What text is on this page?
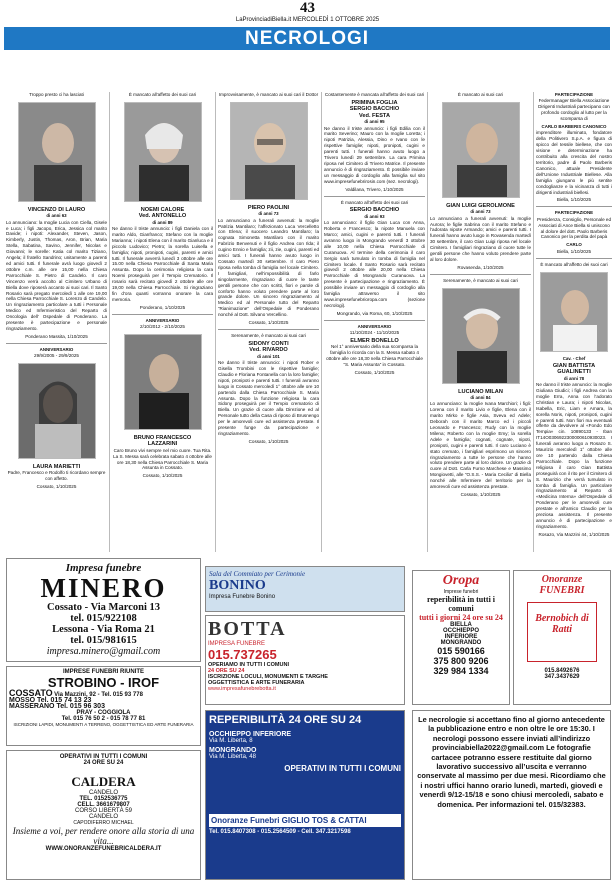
43
LaProvinciadiBiella.it MERCOLEDÌ 1 OTTOBRE 2025
NECROLOGI

Troppo presto ci ha lasciati

VINCENZO DI LAURO
di anni 63

Lo annunciano: la moglie Lucia con Ciella, Gisele e Luca; i figli Jacopo, Erica, Jessica col marito Davide; i nipoti: Alexander, Steven, Jason, Kimberly, Justin, Thomas, Aron, Brian, Maria Stella, Sabatina, Savino, Jennifer, Nicolas e Giovanni; le sorelle: Katia col marito Tiziano, Angela; il fratello Sandrino; unitamente a parenti ed amici tutti. Il funerale avrà luogo giovedì 2 ottobre c.m. alle ore 15,00 nella Chiesa Parrocchiale S. Pietro di Candelo. Il caro Vincenzo verrà accolto al Cimitero Urbano di Biella dove riposerà accanto ai suoi cari. Il Santo Rosario sarà pregato mercoledì 1 alle ore 19,00 nella Chiesa Parrocchiale S. Lorenzo di Candelo. Un ringraziamento particolare a tutti i Personale Medico ed Infermieristico del Reparto di Oncologia dell’ Ospedale di Ponderano. La presente è partecipazione e personale ringraziamento.

Ponderano Massita, 1/10/2025

ANNIVERSARIO

29/9/2005 - 29/9/2025

LAURA MARIETTI

Padre, Francesco e Rodolfo ti ricordano sempre con affetto.

Cossato, 1/10/2025

È mancato all’affetto dei suoi cari

NOEMI CALORE
Ved. ANTONELLO
di anni 89

Ne danno il triste annuncio: i figli Daniela con il marito Aldo, Gianfranco; Stefano con la moglie Marianna; i nipoti Elena con il marito Gianluca e il piccolo Ludovico; Pietro; la sorella Luisella e famiglia; nipoti, pronipoti, cugini, parenti e amici tutti. Il funerale avverrà lunedì 3 ottobre alle ore 15.00 nella Chiesa Parrocchiale di Santa Maria Assunta. Dopo la cerimonia religiosa la cara Noemi proseguirà per il Tempio Crematorio. Il rosario sarà recitato giovedì 2 ottobre alle ore 19,00 nella Chiesa Parrocchiale. Si ringraziano fin d’ora quanti vorranno onorare la cara memoria.

Ponderano, 1/10/2025

ANNIVERSARIO

2/10/2012 - 2/10/2025

BRUNO FRANCESCO
LAZZARINI

Caro Bruno vivi sempre nel mio cuore. Tua Rita. La S. Messa sarà celebrata sabato 4 ottobre alle ore 18,30 nella Chiesa Parrocchiale S. Maria Assunta in Cossato.

Cossato, 1/10/2025

Improvvisamente, è mancato ai suoi cari il Dottor

PIERO PAOLINI
di anni 73

Lo annunciano a funerali avvenuti: la moglie Patrizia Mantilaro; l’affezionato Luca Vercelletto con Elena; il suocero Leandro Mantilaro; la cognata Simonetta Mantilaro con il marito Fabrizio Benvenuti e il figlio Andrea con Ilda; il cugino Ennio e famiglia; zii, zie, cugini, parenti ed amici tutti. I funerali hanno avuto luogo in Cossato martedì 30 settembre. Il caro Piero riposa nella tomba di famiglia nel locale Cimitero. I famigliari, nell’impossibilità di farlo singolarmente, ringraziano di cuore le tante gentili persone che con scritti, fiori e parole di conforto hanno voluto prendere parte al loro grande dolore. Un sincero ringraziamento al Medico ed al Personale tutto del Reparto “Rianimazione” dell’Ospedale di Ponderano nonché al Dott. Silvano Vercellino.

Cossato, 1/10/2025

Serenamente, è mancato ai suoi cari

SIDONY CONTI
Ved. RIVARDO
di anni 101

Ne danno il triste annuncio: i nipoti Rober e Gisella Trombini con le rispettive famiglie; Claudio e Floriana Fontanella con la loro famiglie; nipoti, pronipoti e parenti tutti. I funerali avranno luogo in Cossato mercoledì 1° ottobre alle ore 10 partendo dalla Chiesa Parrocchiale S. Maria Assunta. Dopo la funzione religiosa la cara Sidony proseguirà per il Tempio crematorio di Biella. Un grazie di cuore alla Direzione ed al Personale tutto della Casa di riposo di Brusnengo per le amorevoli cure ed assistenza prestate. Il presente funge da partecipazione e ringraziamento.

Cossato, 1/10/2025

Costantemente è mancata all’affetto dei suoi cari

PRIMINA FOGLIA
SERGIO BACCHIO
Ved. FESTA
di anni 95

Ne danno il triste annuncio: i figli Edilia con il marito Severino; Mauro con la moglie Loretta; i nipoti Patrizia, Alessia, Dino e Ivano con le rispettive famiglie; nipoti, pronipoti, cugini e parenti tutti. I funerali hanno avuto luogo a Trivero lunedì 29 settembre. La cara Primina riposa nel Cimitero di Trivero Matrice. Il presente annuncio è di ringraziamento. È possibile inviare un messaggio di cordoglio alla famiglia sul sito www.impresefunebrirosin.com (sez. necrologi).

Valdilana, Trivero, 1/10/2025

È mancato all’affetto dei suoi cari

SERGIO BACCHIO
di anni 93

Lo annunciano: il figlio Gian Luca con Anna, Roberta e Francesco; la nipote Manuela con Marco; amici, cugini e parenti tutti. I funerali avranno luogo in Mongrando venerdì 3 ottobre alle 10,00 nella Chiesa Parrocchiale di Curanuova. Al termine della cerimonia il caro Sergio sarà tumulato in tomba di famiglia nel Cimitero locale. Il Santo Rosario sarà recitato giovedì 2 ottobre alle 20,00 nella Chiesa Parrocchiale di Mongrando Curanuova. La presente è partecipazione e ringraziamento. È possibile inviare un messaggio di cordoglio alla famiglia attraverso il sito www.impresefunebrioropa.com (sezione necrologi).

Mongrando, via Roma, 60, 1/10/2025

ANNIVERSARIO

11/10/2024 - 11/10/2025

ELMER BONELLO

Nel 1° anniversario della sua scomparsa la famiglia lo ricorda con la S. Messa sabato 4 ottobre alle ore 18,30 nella Chiesa Parrocchiale “S. Maria Assunta” in Cossato.

Cossato, 1/10/2025

È mancato ai suoi cari

GIAN LUIGI GEROLMONE
di anni 73

Lo annunciano a funerali avvenuti: la moglie Aurora; le figlie Sabrina con il marito Stefano e l’adorata nipote Armando; amici e parenti tutti. I funerali hanno avuto luogo in Rovasenda martedì 30 settembre, il caro Gian Luigi riposa nel locale Cimitero. I famigliari ringraziano di cuore tutte le gentili persone che hanno voluto prendere parte al loro dolore.

Rovasenda, 1/10/2025

Serenamente, è mancato ai suoi cari

LUCIANO MILAN
di anni 84

Lo annunciano: la moglie Ivana Marchiori; i figli: Lorena con il marito Livio e figlie, Elena con il marito Mirko e figlie Asia, Sveva ed Adele; Deborah con il marito Marco ed i piccoli Leonardo e Francesco; Rudy con la moglie Milena; Roberto con la moglie Emy; la sorella Adele e famiglia; cognati, cognate, nipoti, pronipoti, cugini e parenti tutti. Il caro Luciano è stato cremato, i famigliari esprimono un sincero ringraziamento a tutte le persone che hanno voluto prendere parte al loro dolore. Un grazie di cuore al Dott. Carla Furno Marchese e Massimo Mongiovetti, alle “O.S.S. - Maria Cecilia” di Biella nonché alle Infermiere del territorio per la amorevoli cure ed assistenza prestate.

Cossato, 1/10/2025

PARTECIPAZIONE

Federmanager Biella Associazione Dirigenti Industriali partecipano con profondo cordoglio al lutto per la scomparsa di

CARLO BARBERIS CANONICO

imprenditore illuminato, fondatore della Politivero S.p.A. e figura di spicco del tessile biellese, che con visione e determinazione ha contribuito alla crescita del nostro territorio, padre di Paolo Barberis Canonico, attuale Presidente dell’Unione Industriale Biellese. Alla famiglia giungano le più sentite condoglianze e la vicinanza di tutti i dirigenti industriali biellesi.

Biella, 1/10/2025

PARTECIPAZIONE

Presidenza, Consiglio, Personale ed Associati di Ance Biella si uniscono al dolore del dott. Paolo Barberis Canonico per la perdita del papà

CARLO

Biella, 1/10/2025

È mancato all’affetto dei suoi cari

Cav. - Chef
GIAN BATTISTA GUALINETTI
di anni 78

Ne danno il triste annuncio: la moglie Giuliana Giudici; i figli Andrea con la moglie Erra, Anna con l’adorato Christian e Laura; i nipoti Nicolas, Isabella, Eric, Liam e Amara, la sorella Noris, nipoti, pronipoti, cugini e parenti tutti. Non fiori ma eventuali offerte da devolvere al «Fondo Edo Tempia» cin. 10890133 - Iban IT14O0306922300000610930023. I funerali avranno luogo a Rosazo S. Maurizio mercoledì 1° ottobre alle ore 10 partendo dalla Chiesa Parrocchiale. Dopo la funzione religiosa il caro Gian Battista proseguirà con il rito per il Cimitero di S. Maurizio che verrà tumulato in tomba di famiglia. Un particolare ringraziamento al Reparto di «Medicina Interna» dell’Ospedale di Ponderano per le amorevoli cure prestate e all’amico Claudio per la preziosa assistenza. Il presente annuncio è di partecipazione e ringraziamento.

Rosazo, Via Mazzini 44, 1/10/2025

Impresa funebre
MINERO
Cossato - Via Marconi 13
tel. 015/922108
Lessona - Via Roma 21
tel. 015/981615
impresa.minero@gmail.com
Sala del Commiato per Cerimonie
BONINO
Impresa Funebre Bonino
BOTTA
IMPRESA FUNEBRE
015.737265
OPERIAMO IN TUTTI I COMUNI
24 ORE SU 24
ISCRIZIONE LOCULI, MONUMENTI E TARGHE
OGGETTISTICA E ARTE FUNERARIA
www.impresafunebrebotta.it
Oropa
Imprese funebri
reperibilità in tutti i comuni
tutti i giorni 24 ore su 24
BIELLA
OCCHIEPPO
INFERIORE
MONGRANDO
015 590166
375 800 9206
329 984 1334
Onoranze
FUNEBRI
Bernobich di Ratti
015.8492676
347.3437629
IMPRESE FUNEBRI RIUNITE
STROBINO - IROF
COSSATO Via Mazzini, 92 - Tel. 015 93 778
MOSSO Tel. 015 74 13 23
MASSERANO Tel. 015 96 303
PRAY - COGGIOLA
Tel. 015 76 50 2 - 015 78 77 81
ISCRIZIONI LAPIDI, MONUMENTI A TERRENO, OGGETTISTICA ED ARTE FUNERARIA
OPERATIVI IN TUTTI I COMUNI
24 ORE SU 24
CALDERA
CANDELO
TEL. 0152536775
CELL. 3661679807
CORSO LIBERTÀ 59
CANDELO
CAPODIFERRO MICHAEL
Insieme a voi, per rendere onore alla storia di una vita...
WWW.ONORANZEFUNEBRICALDERA.IT
REPERIBILITÀ 24 ORE SU 24
OCCHIEPPO INFERIORE
Via M. Liberta, 8
MONGRANDO
Via M. Liberta, 48
OPERATIVI IN TUTTI I COMUNI
Onoranze Funebri GIGLIO TOS & CATTAI
Tel. 015.8407308 - 015.2564509 - Cell. 347.3217598
Le necrologie si accettano fino al giorno antecedente la pubblicazione entro e non oltre le ore 15:30. I necrologi possono essere inviati all’indirizzo provinciabiella2022@gmail.com Le fotografie cartacee potranno essere restituite dal giorno lavorativo successivo all’uscita e verranno conservate al massimo per due mesi. Ricordiamo che i nostri uffici hanno orario lunedì, martedì, giovedì e venerdì 9/12-15/18 e sono chiusi mercoledì, sabato e domenica. Per informazioni tel. 015/32383.
